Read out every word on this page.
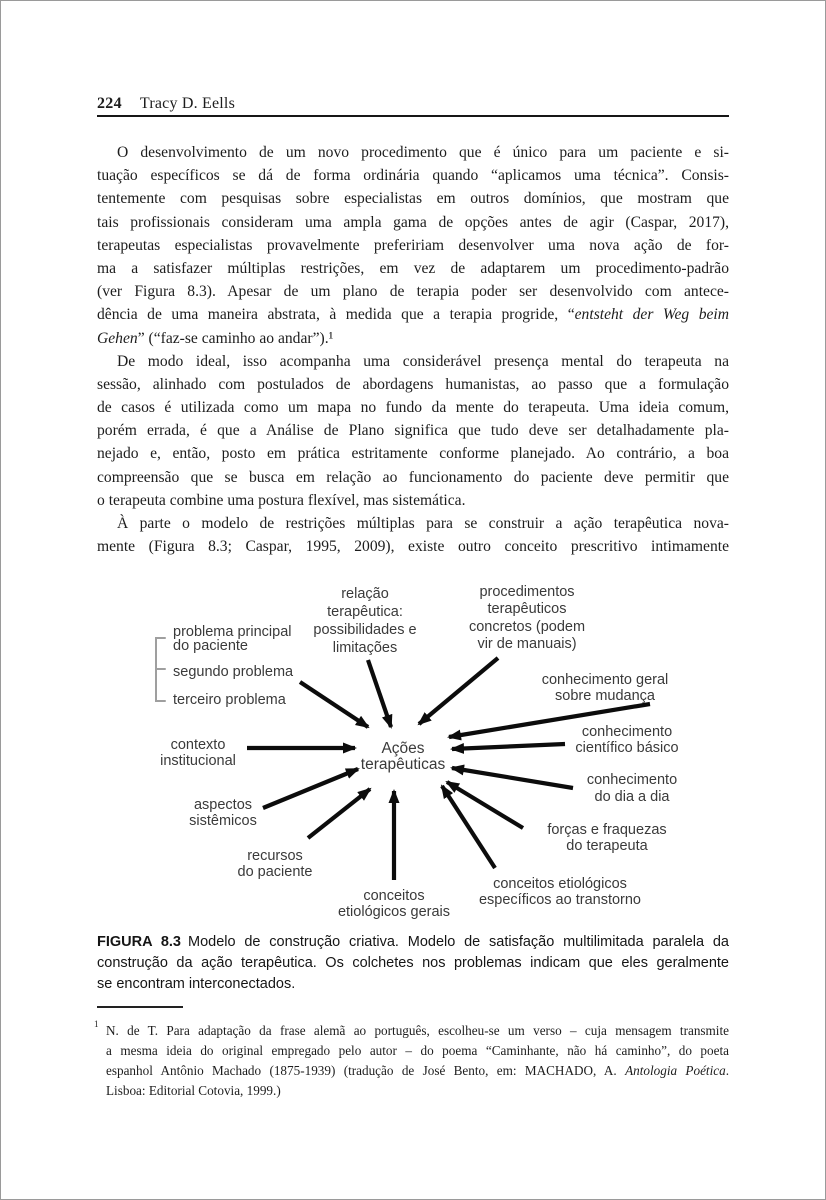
224 Tracy D. Eells
O desenvolvimento de um novo procedimento que é único para um paciente e si-
tuação específicos se dá de forma ordinária quando “aplicamos uma técnica”. Consis-
tentemente com pesquisas sobre especialistas em outros domínios, que mostram que
tais profissionais consideram uma ampla gama de opções antes de agir (Caspar, 2017),
terapeutas especialistas provavelmente prefeririam desenvolver uma nova ação de for-
ma a satisfazer múltiplas restrições, em vez de adaptarem um procedimento-padrão
(ver Figura 8.3). Apesar de um plano de terapia poder ser desenvolvido com antece-
dência de uma maneira abstrata, à medida que a terapia progride, “entsteht der Weg beim
Gehen” (“faz-se caminho ao andar”).¹
De modo ideal, isso acompanha uma considerável presença mental do terapeuta na
sessão, alinhado com postulados de abordagens humanistas, ao passo que a formulação
de casos é utilizada como um mapa no fundo da mente do terapeuta. Uma ideia comum,
porém errada, é que a Análise de Plano significa que tudo deve ser detalhadamente pla-
nejado e, então, posto em prática estritamente conforme planejado. Ao contrário, a boa
compreensão que se busca em relação ao funcionamento do paciente deve permitir que
o terapeuta combine uma postura flexível, mas sistemática.
À parte o modelo de restrições múltiplas para se construir a ação terapêutica nova-
mente (Figura 8.3; Caspar, 1995, 2009), existe outro conceito prescritivo intimamente
problema principal do paciente segundo problema terceiro problema
relação terapêutica: possibilidades e limitações
procedimentos terapêuticos concretos (podem vir de manuais)
conhecimento geral sobre mudança
conhecimento científico básico
conhecimento do dia a dia
forças e fraquezas do terapeuta
conceitos etiológicos específicos ao transtorno
conceitos etiológicos gerais
recursos do paciente
aspectos sistêmicos
contexto institucional
Ações terapêuticas
FIGURA 8.3 Modelo de construção criativa. Modelo de satisfação multilimitada paralela da
construção da ação terapêutica. Os colchetes nos problemas indicam que eles geralmente
se encontram interconectados.
1 N. de T. Para adaptação da frase alemã ao português, escolheu-se um verso – cuja mensagem transmite
a mesma ideia do original empregado pelo autor – do poema “Caminhante, não há caminho”, do poeta
espanhol Antônio Machado (1875-1939) (tradução de José Bento, em: MACHADO, A. Antologia Poética.
Lisboa: Editorial Cotovia, 1999.)
